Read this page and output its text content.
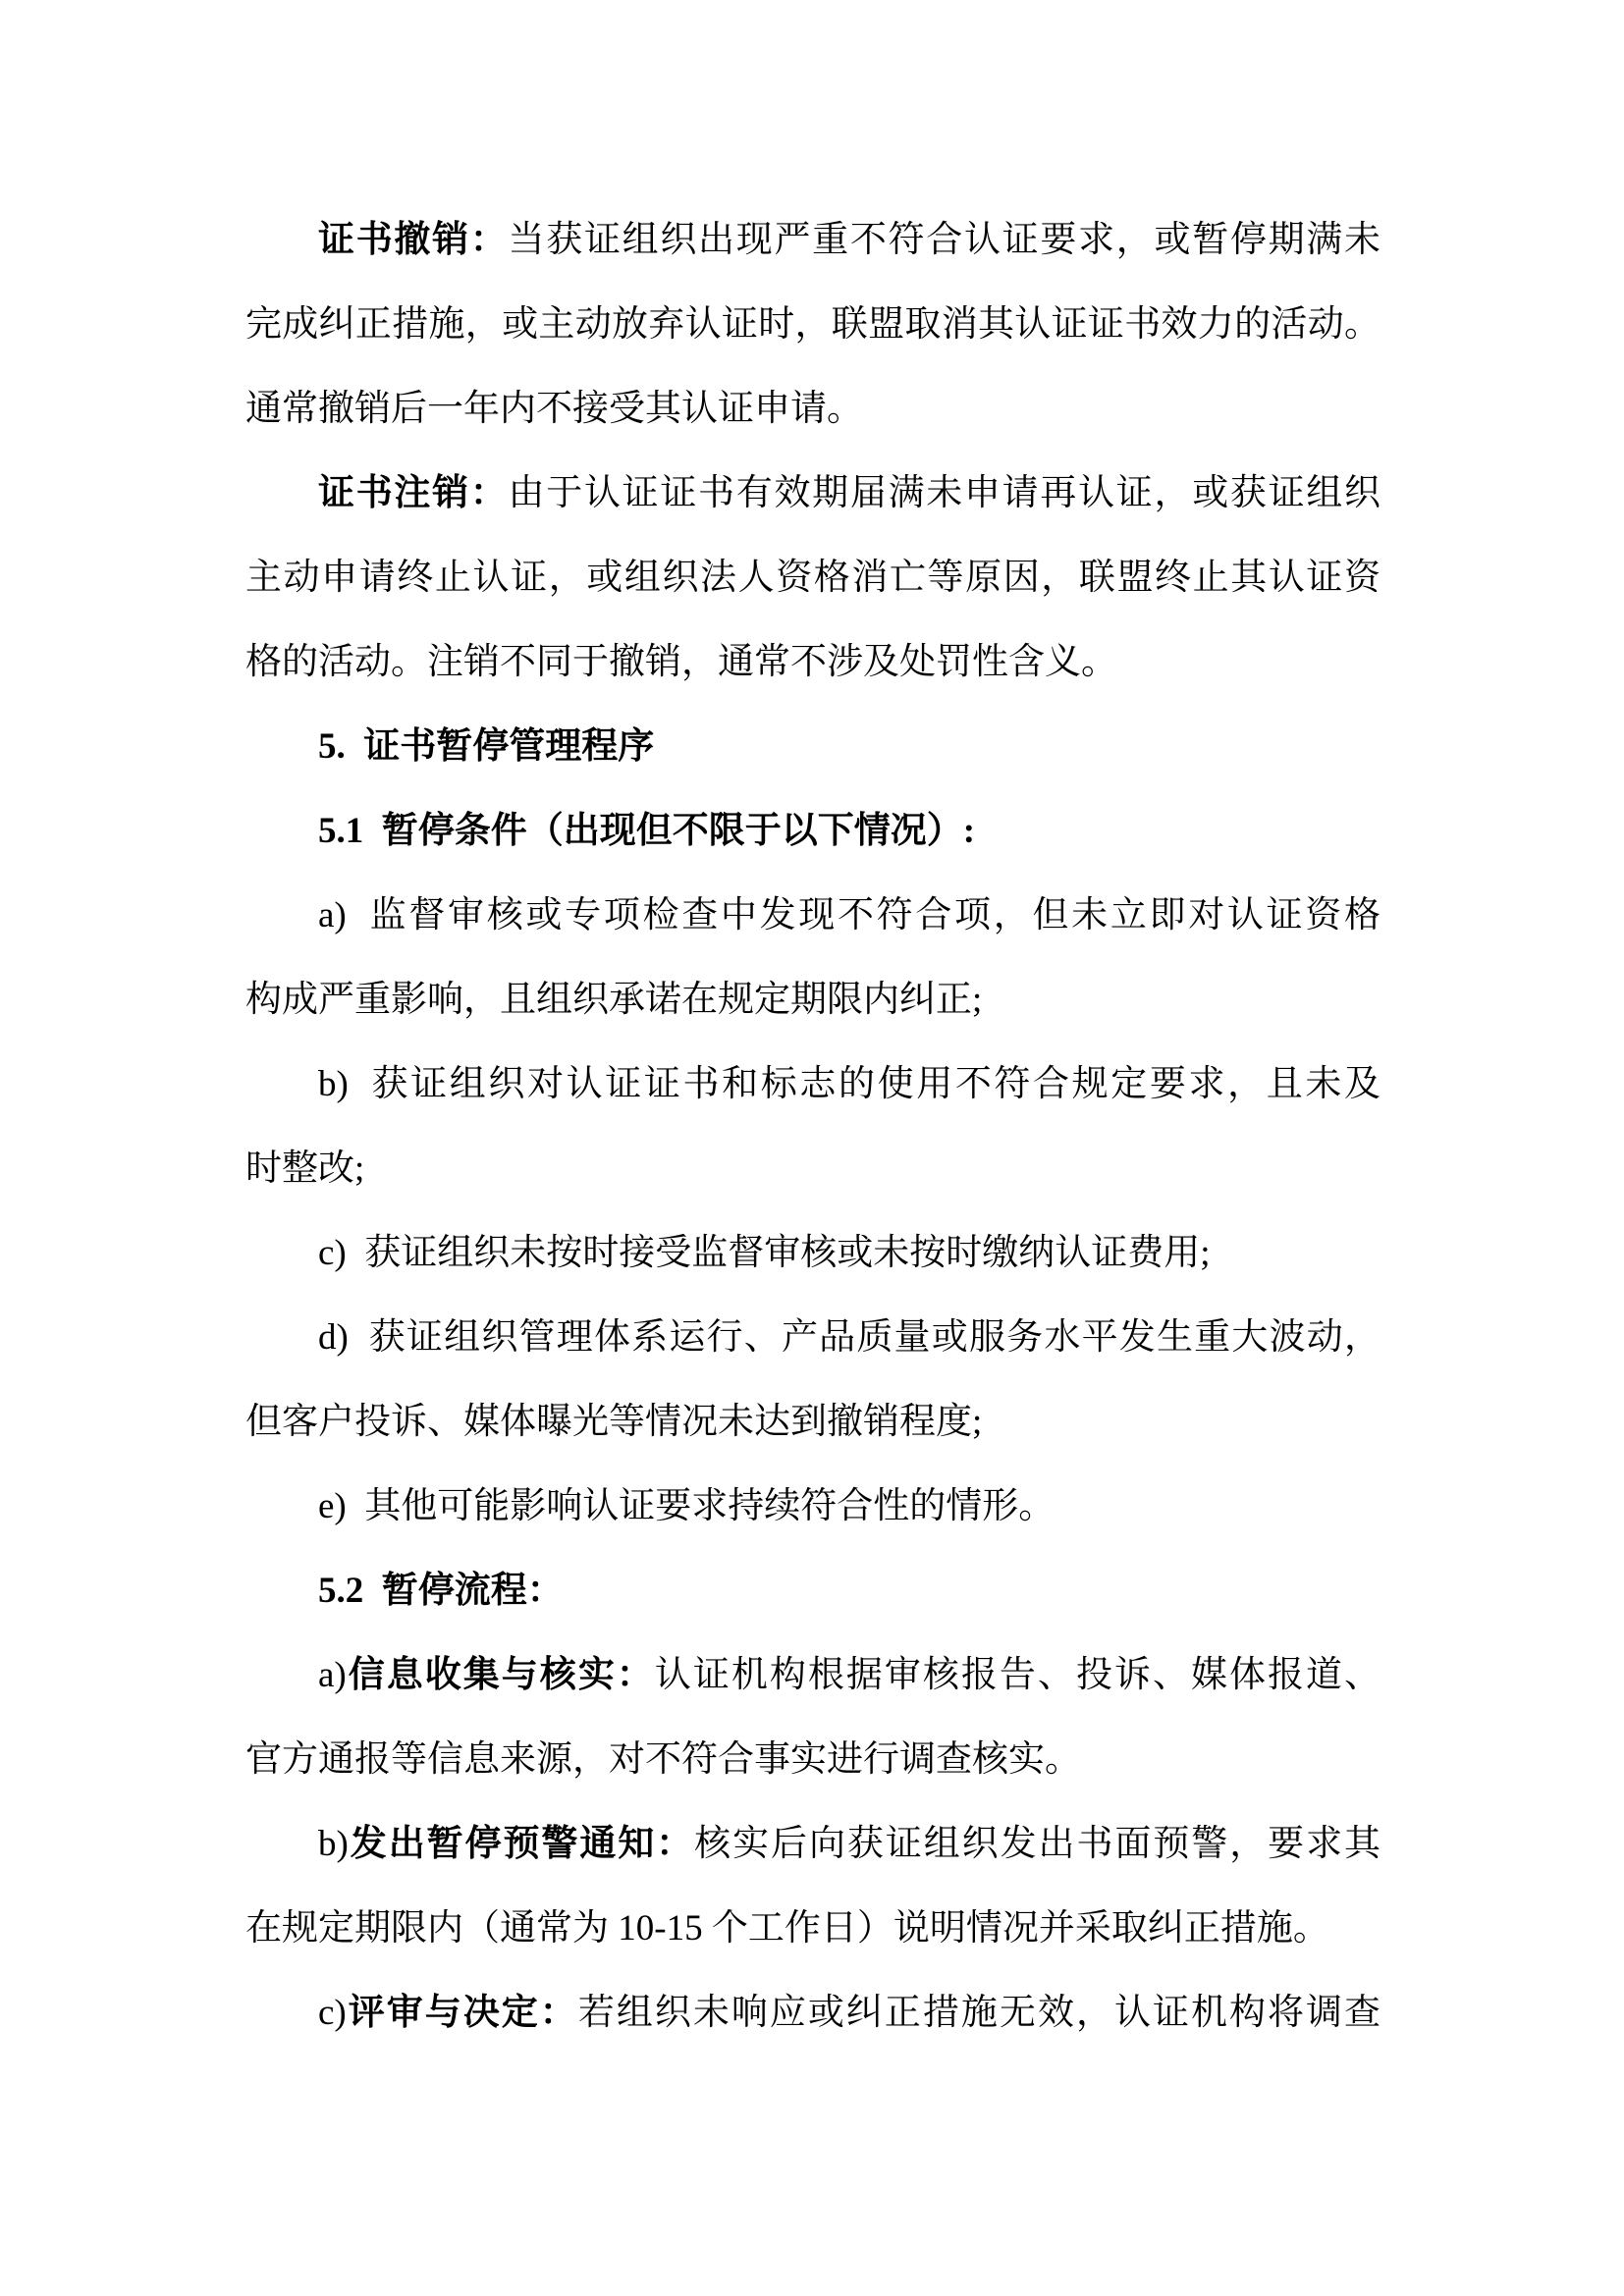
证书撤销：当获证组织出现严重不符合认证要求，或暂停期满未
完成纠正措施，或主动放弃认证时，联盟取消其认证证书效力的活动。
通常撤销后一年内不接受其认证申请。
证书注销：由于认证证书有效期届满未申请再认证，或获证组织
主动申请终止认证，或组织法人资格消亡等原因，联盟终止其认证资
格的活动。注销不同于撤销，通常不涉及处罚性含义。
5.  证书暂停管理程序
5.1  暂停条件（出现但不限于以下情况）:
a)  监督审核或专项检查中发现不符合项，但未立即对认证资格
构成严重影响，且组织承诺在规定期限内纠正;
b)  获证组织对认证证书和标志的使用不符合规定要求，且未及
时整改;
c)  获证组织未按时接受监督审核或未按时缴纳认证费用;
d)  获证组织管理体系运行、产品质量或服务水平发生重大波动，
但客户投诉、媒体曝光等情况未达到撤销程度;
e)  其他可能影响认证要求持续符合性的情形。
5.2  暂停流程：
a)信息收集与核实：认证机构根据审核报告、投诉、媒体报道、
官方通报等信息来源，对不符合事实进行调查核实。
b)发出暂停预警通知：核实后向获证组织发出书面预警，要求其
在规定期限内（通常为 10-15 个工作日）说明情况并采取纠正措施。
c)评审与决定：若组织未响应或纠正措施无效，认证机构将调查
